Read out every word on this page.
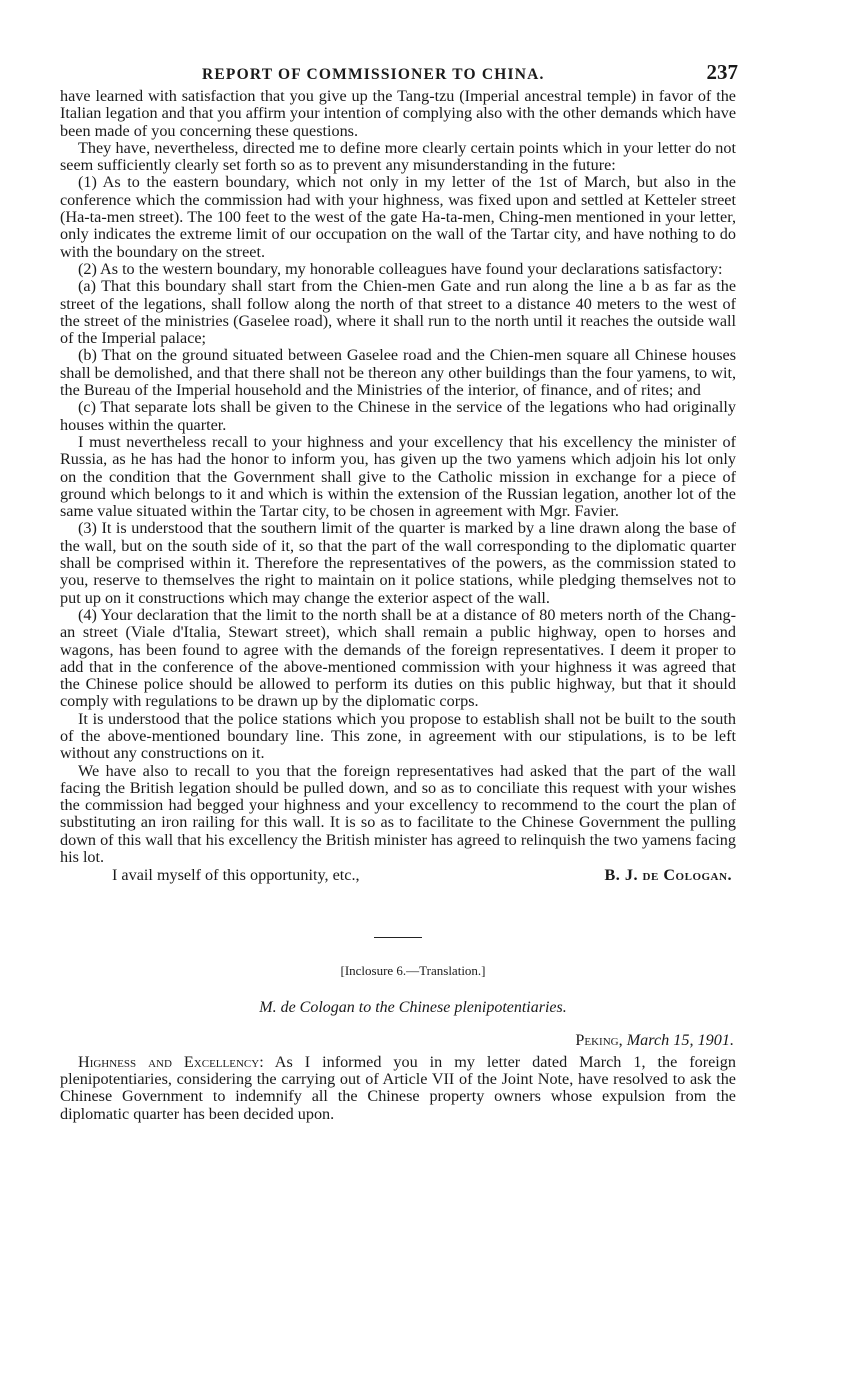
REPORT OF COMMISSIONER TO CHINA.	237

have learned with satisfaction that you give up the Tang-tzu (Imperial ancestral temple) in favor of the Italian legation and that you affirm your intention of complying also with the other demands which have been made of you concerning these questions.

They have, nevertheless, directed me to define more clearly certain points which in your letter do not seem sufficiently clearly set forth so as to prevent any misunderstanding in the future:

(1) As to the eastern boundary, which not only in my letter of the 1st of March, but also in the conference which the commission had with your highness, was fixed upon and settled at Ketteler street (Ha-ta-men street). The 100 feet to the west of the gate Ha-ta-men, Ching-men mentioned in your letter, only indicates the extreme limit of our occupation on the wall of the Tartar city, and have nothing to do with the boundary on the street.

(2) As to the western boundary, my honorable colleagues have found your declarations satisfactory:

(a) That this boundary shall start from the Chien-men Gate and run along the line a b as far as the street of the legations, shall follow along the north of that street to a distance 40 meters to the west of the street of the ministries (Gaselee road), where it shall run to the north until it reaches the outside wall of the Imperial palace;

(b) That on the ground situated between Gaselee road and the Chien-men square all Chinese houses shall be demolished, and that there shall not be thereon any other buildings than the four yamens, to wit, the Bureau of the Imperial household and the Ministries of the interior, of finance, and of rites; and

(c) That separate lots shall be given to the Chinese in the service of the legations who had originally houses within the quarter.

I must nevertheless recall to your highness and your excellency that his excellency the minister of Russia, as he has had the honor to inform you, has given up the two yamens which adjoin his lot only on the condition that the Government shall give to the Catholic mission in exchange for a piece of ground which belongs to it and which is within the extension of the Russian legation, another lot of the same value situated within the Tartar city, to be chosen in agreement with Mgr. Favier.

(3) It is understood that the southern limit of the quarter is marked by a line drawn along the base of the wall, but on the south side of it, so that the part of the wall corresponding to the diplomatic quarter shall be comprised within it. Therefore the representatives of the powers, as the commission stated to you, reserve to themselves the right to maintain on it police stations, while pledging themselves not to put up on it constructions which may change the exterior aspect of the wall.

(4) Your declaration that the limit to the north shall be at a distance of 80 meters north of the Chang-an street (Viale d'Italia, Stewart street), which shall remain a public highway, open to horses and wagons, has been found to agree with the demands of the foreign representatives. I deem it proper to add that in the conference of the above-mentioned commission with your highness it was agreed that the Chinese police should be allowed to perform its duties on this public highway, but that it should comply with regulations to be drawn up by the diplomatic corps.

It is understood that the police stations which you propose to establish shall not be built to the south of the above-mentioned boundary line. This zone, in agreement with our stipulations, is to be left without any constructions on it.

We have also to recall to you that the foreign representatives had asked that the part of the wall facing the British legation should be pulled down, and so as to conciliate this request with your wishes the commission had begged your highness and your excellency to recommend to the court the plan of substituting an iron railing for this wall. It is so as to facilitate to the Chinese Government the pulling down of this wall that his excellency the British minister has agreed to relinquish the two yamens facing his lot.

I avail myself of this opportunity, etc.,	B. J. de Cologan.
[Inclosure 6.—Translation.]
M. de Cologan to the Chinese plenipotentiaries.
Peking, March 15, 1901.

Highness and Excellency: As I informed you in my letter dated March 1, the foreign plenipotentiaries, considering the carrying out of Article VII of the Joint Note, have resolved to ask the Chinese Government to indemnify all the Chinese property owners whose expulsion from the diplomatic quarter has been decided upon.
